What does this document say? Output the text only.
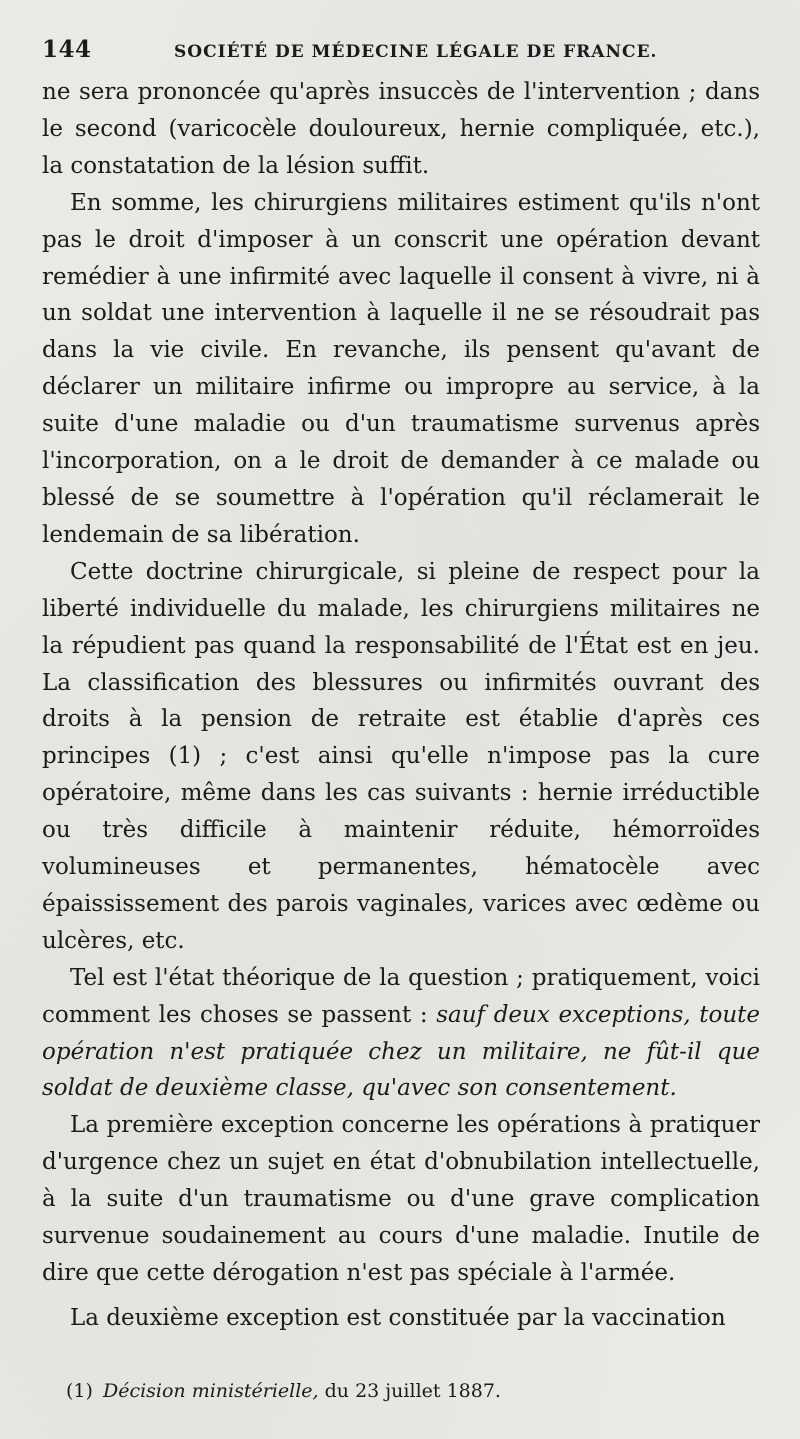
144	SOCIÉTÉ DE MÉDECINE LÉGALE DE FRANCE.

ne sera prononcée qu'après insuccès de l'intervention ; dans le second (varicocèle douloureux, hernie compliquée, etc.), la constatation de la lésion suffit.

En somme, les chirurgiens militaires estiment qu'ils n'ont pas le droit d'imposer à un conscrit une opération devant remédier à une infirmité avec laquelle il consent à vivre, ni à un soldat une intervention à laquelle il ne se résoudrait pas dans la vie civile. En revanche, ils pensent qu'avant de déclarer un militaire infirme ou impropre au service, à la suite d'une maladie ou d'un traumatisme survenus après l'incorporation, on a le droit de demander à ce malade ou blessé de se soumettre à l'opération qu'il réclamerait le lendemain de sa libération.

Cette doctrine chirurgicale, si pleine de respect pour la liberté individuelle du malade, les chirurgiens militaires ne la répudient pas quand la responsabilité de l'État est en jeu. La classification des blessures ou infirmités ouvrant des droits à la pension de retraite est établie d'après ces principes (1) ; c'est ainsi qu'elle n'impose pas la cure opératoire, même dans les cas suivants : hernie irréductible ou très difficile à maintenir réduite, hémorroïdes volumineuses et permanentes, hématocèle avec épaississement des parois vaginales, varices avec œdème ou ulcères, etc.

Tel est l'état théorique de la question ; pratiquement, voici comment les choses se passent : sauf deux exceptions, toute opération n'est pratiquée chez un militaire, ne fût-il que soldat de deuxième classe, qu'avec son consentement.

La première exception concerne les opérations à pratiquer d'urgence chez un sujet en état d'obnubilation intellectuelle, à la suite d'un traumatisme ou d'une grave complication survenue soudainement au cours d'une maladie. Inutile de dire que cette dérogation n'est pas spéciale à l'armée.

La deuxième exception est constituée par la vaccination

(1) Décision ministérielle, du 23 juillet 1887.
